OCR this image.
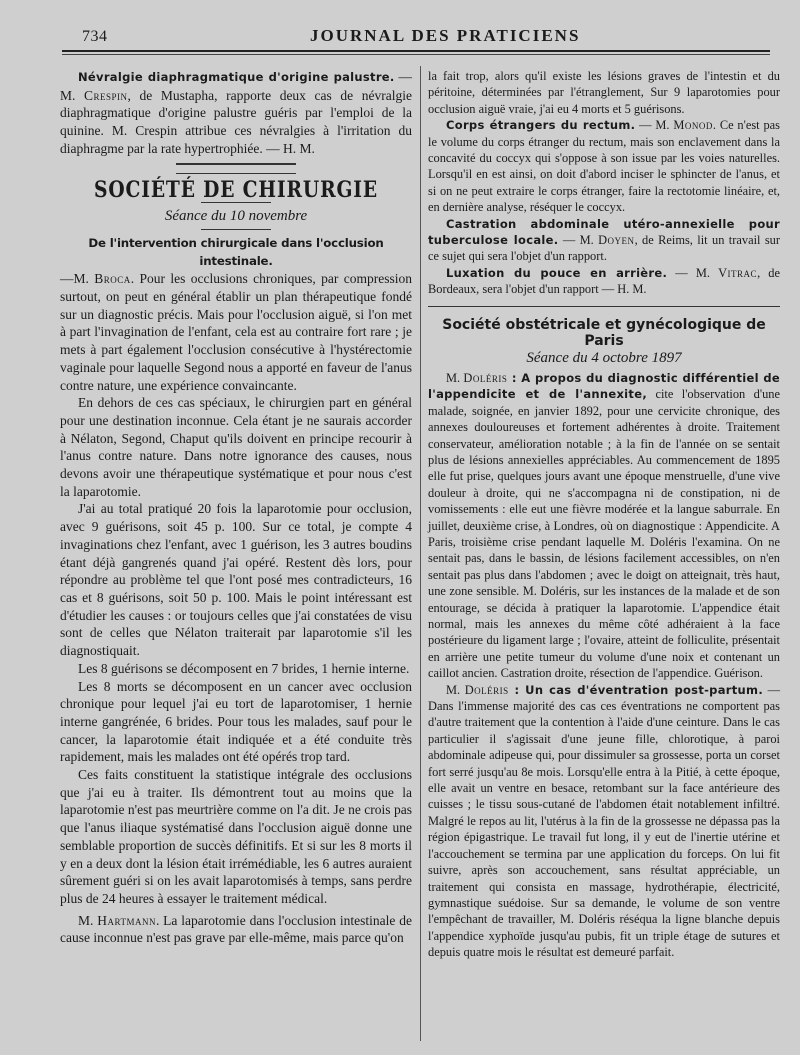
734	JOURNAL DES PRATICIENS

Névralgie diaphragmatique d'origine palustre. — M. Crespin, de Mustapha, rapporte deux cas de névralgie diaphragmatique d'origine palustre guéris par l'emploi de la quinine. M. Crespin attribue ces névralgies à l'irritation du diaphragme par la rate hypertrophiée. — H. M.

SOCIÉTÉ DE CHIRURGIE
Séance du 10 novembre
De l'intervention chirurgicale dans l'occlusion intestinale.

—M. Broca. Pour les occlusions chroniques, par compression surtout, on peut en général établir un plan thérapeutique fondé sur un diagnostic précis. Mais pour l'occlusion aiguë, si l'on met à part l'invagination de l'enfant, cela est au contraire fort rare ; je mets à part également l'occlusion consécutive à l'hystérectomie vaginale pour laquelle Segond nous a apporté en faveur de l'anus contre nature, une expérience convaincante.

En dehors de ces cas spéciaux, le chirurgien part en général pour une destination inconnue. Cela étant je ne saurais accorder à Nélaton, Segond, Chaput qu'ils doivent en principe recourir à l'anus contre nature. Dans notre ignorance des causes, nous devons avoir une thérapeutique systématique et pour nous c'est la laparotomie.

J'ai au total pratiqué 20 fois la laparotomie pour occlusion, avec 9 guérisons, soit 45 p. 100. Sur ce total, je compte 4 invaginations chez l'enfant, avec 1 guérison, les 3 autres boudins étant déjà gangrenés quand j'ai opéré. Restent dès lors, pour répondre au problème tel que l'ont posé mes contradicteurs, 16 cas et 8 guérisons, soit 50 p. 100. Mais le point intéressant est d'étudier les causes : or toujours celles que j'ai constatées de visu sont de celles que Nélaton traiterait par laparotomie s'il les diagnostiquait.

Les 8 guérisons se décomposent en 7 brides, 1 hernie interne.

Les 8 morts se décomposent en un cancer avec occlusion chronique pour lequel j'ai eu tort de laparotomiser, 1 hernie interne gangrénée, 6 brides. Pour tous les malades, sauf pour le cancer, la laparotomie était indiquée et a été conduite très rapidement, mais les malades ont été opérés trop tard.

Ces faits constituent la statistique intégrale des occlusions que j'ai eu à traiter. Ils démontrent tout au moins que la laparotomie n'est pas meurtrière comme on l'a dit. Je ne crois pas que l'anus iliaque systématisé dans l'occlusion aiguë donne une semblable proportion de succès définitifs. Et si sur les 8 morts il y en a deux dont la lésion était irrémédiable, les 6 autres auraient sûrement guéri si on les avait laparotomisés à temps, sans perdre plus de 24 heures à essayer le traitement médical.

M. Hartmann. La laparotomie dans l'occlusion intestinale de cause inconnue n'est pas grave par elle-même, mais parce qu'on

la fait trop, alors qu'il existe les lésions graves de l'intestin et du péritoine, déterminées par l'étranglement, Sur 9 laparotomies pour occlusion aiguë vraie, j'ai eu 4 morts et 5 guérisons.

Corps étrangers du rectum. — M. Monod. Ce n'est pas le volume du corps étranger du rectum, mais son enclavement dans la concavité du coccyx qui s'oppose à son issue par les voies naturelles. Lorsqu'il en est ainsi, on doit d'abord inciser le sphincter de l'anus, et si on ne peut extraire le corps étranger, faire la rectotomie linéaire, et, en dernière analyse, réséquer le coccyx.

Castration abdominale utéro-annexielle pour tuberculose locale. — M. Doyen, de Reims, lit un travail sur ce sujet qui sera l'objet d'un rapport.

Luxation du pouce en arrière. — M. Vitrac, de Bordeaux, sera l'objet d'un rapport — H. M.

Société obstétricale et gynécologique de Paris
Séance du 4 octobre 1897

M. Doléris : A propos du diagnostic différentiel de l'appendicite et de l'annexite, cite l'observation d'une malade, soignée, en janvier 1892, pour une cervicite chronique, des annexes douloureuses et fortement adhérentes à droite. Traitement conservateur, amélioration notable ; à la fin de l'année on se sentait plus de lésions annexielles appréciables. Au commencement de 1895 elle fut prise, quelques jours avant une époque menstruelle, d'une vive douleur à droite, qui ne s'accompagna ni de constipation, ni de vomissements : elle eut une fièvre modérée et la langue saburrale. En juillet, deuxième crise, à Londres, où on diagnostique : Appendicite. A Paris, troisième crise pendant laquelle M. Doléris l'examina. On ne sentait pas, dans le bassin, de lésions facilement accessibles, on n'en sentait pas plus dans l'abdomen ; avec le doigt on atteignait, très haut, une zone sensible. M. Doléris, sur les instances de la malade et de son entourage, se décida à pratiquer la laparotomie. L'appendice était normal, mais les annexes du même côté adhéraient à la face postérieure du ligament large ; l'ovaire, atteint de folliculite, présentait en arrière une petite tumeur du volume d'une noix et contenant un caillot ancien. Castration droite, résection de l'appendice. Guérison.

M. Doléris : Un cas d'éventration post-partum. — Dans l'immense majorité des cas ces éventrations ne comportent pas d'autre traitement que la contention à l'aide d'une ceinture. Dans le cas particulier il s'agissait d'une jeune fille, chlorotique, à paroi abdominale adipeuse qui, pour dissimuler sa grossesse, porta un corset fort serré jusqu'au 8e mois. Lorsqu'elle entra à la Pitié, à cette époque, elle avait un ventre en besace, retombant sur la face antérieure des cuisses ; le tissu sous-cutané de l'abdomen était notablement infiltré. Malgré le repos au lit, l'utérus à la fin de la grossesse ne dépassa pas la région épigastrique. Le travail fut long, il y eut de l'inertie utérine et l'accouchement se termina par une application du forceps. On lui fit suivre, après son accouchement, sans résultat appréciable, un traitement qui consista en massage, hydrothérapie, électricité, gymnastique suédoise. Sur sa demande, le volume de son ventre l'empêchant de travailler, M. Doléris réséqua la ligne blanche depuis l'appendice xyphoïde jusqu'au pubis, fit un triple étage de sutures et depuis quatre mois le résultat est demeuré parfait.
